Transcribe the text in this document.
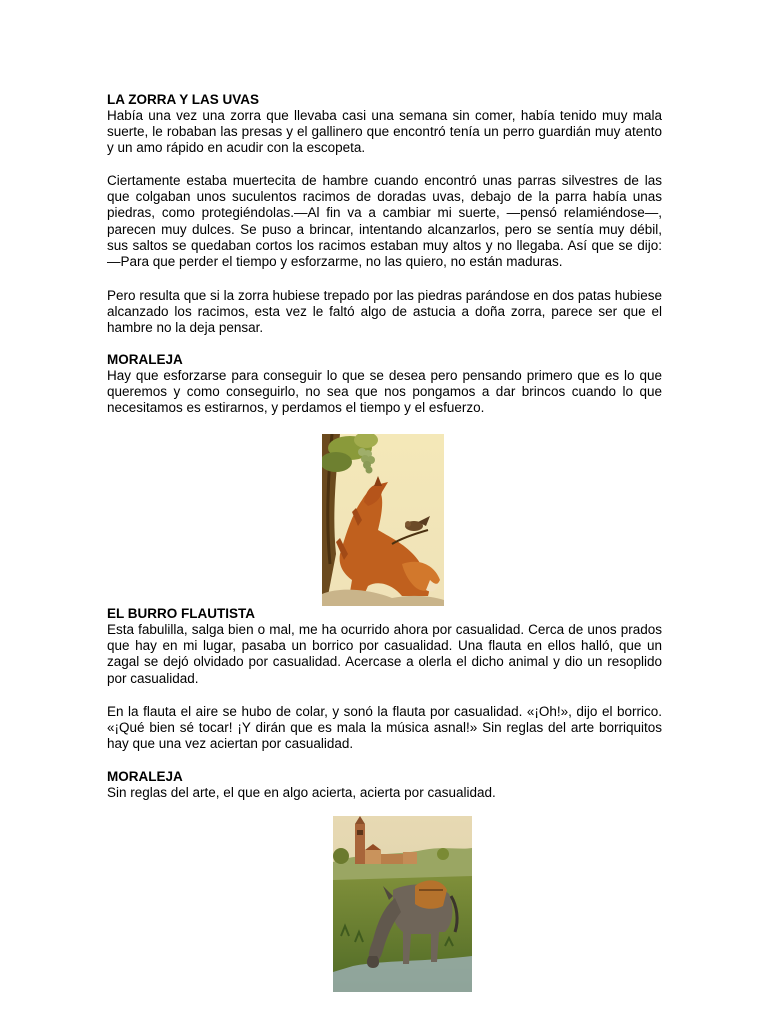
LA ZORRA Y LAS UVAS

Había una vez una zorra que llevaba casi una semana sin comer, había tenido muy mala suerte, le robaban las presas y el gallinero que encontró tenía un perro guardián muy atento y un amo rápido en acudir con la escopeta.

Ciertamente estaba muertecita de hambre cuando encontró unas parras silvestres de las que colgaban unos suculentos racimos de doradas uvas, debajo de la parra había unas piedras, como protegiéndolas.—Al fin va a cambiar mi suerte, —pensó relamiéndose—, parecen muy dulces. Se puso a brincar, intentando alcanzarlos, pero se sentía muy débil, sus saltos se quedaban cortos los racimos estaban muy altos y no llegaba. Así que se dijo: —Para que perder el tiempo y esforzarme, no las quiero, no están maduras.

Pero resulta que si la zorra hubiese trepado por las piedras parándose en dos patas hubiese alcanzado los racimos, esta vez le faltó algo de astucia a doña zorra, parece ser que el hambre no la deja pensar.

MORALEJA

Hay que esforzarse para conseguir lo que se desea pero pensando primero que es lo que queremos y como conseguirlo, no sea que nos pongamos a dar brincos cuando lo que necesitamos es estirarnos, y perdamos el tiempo y el esfuerzo.

EL BURRO FLAUTISTA

Esta fabulilla, salga bien o mal, me ha ocurrido ahora por casualidad. Cerca de unos prados que hay en mi lugar, pasaba un borrico por casualidad. Una flauta en ellos halló, que un zagal se dejó olvidado por casualidad. Acercase a olerla el dicho animal y dio un resoplido por casualidad.

En la flauta el aire se hubo de colar, y sonó la flauta por casualidad. «¡Oh!», dijo el borrico. «¡Qué bien sé tocar! ¡Y dirán que es mala la música asnal!» Sin reglas del arte borriquitos hay que una vez aciertan por casualidad.

MORALEJA

Sin reglas del arte, el que en algo acierta, acierta por casualidad.
